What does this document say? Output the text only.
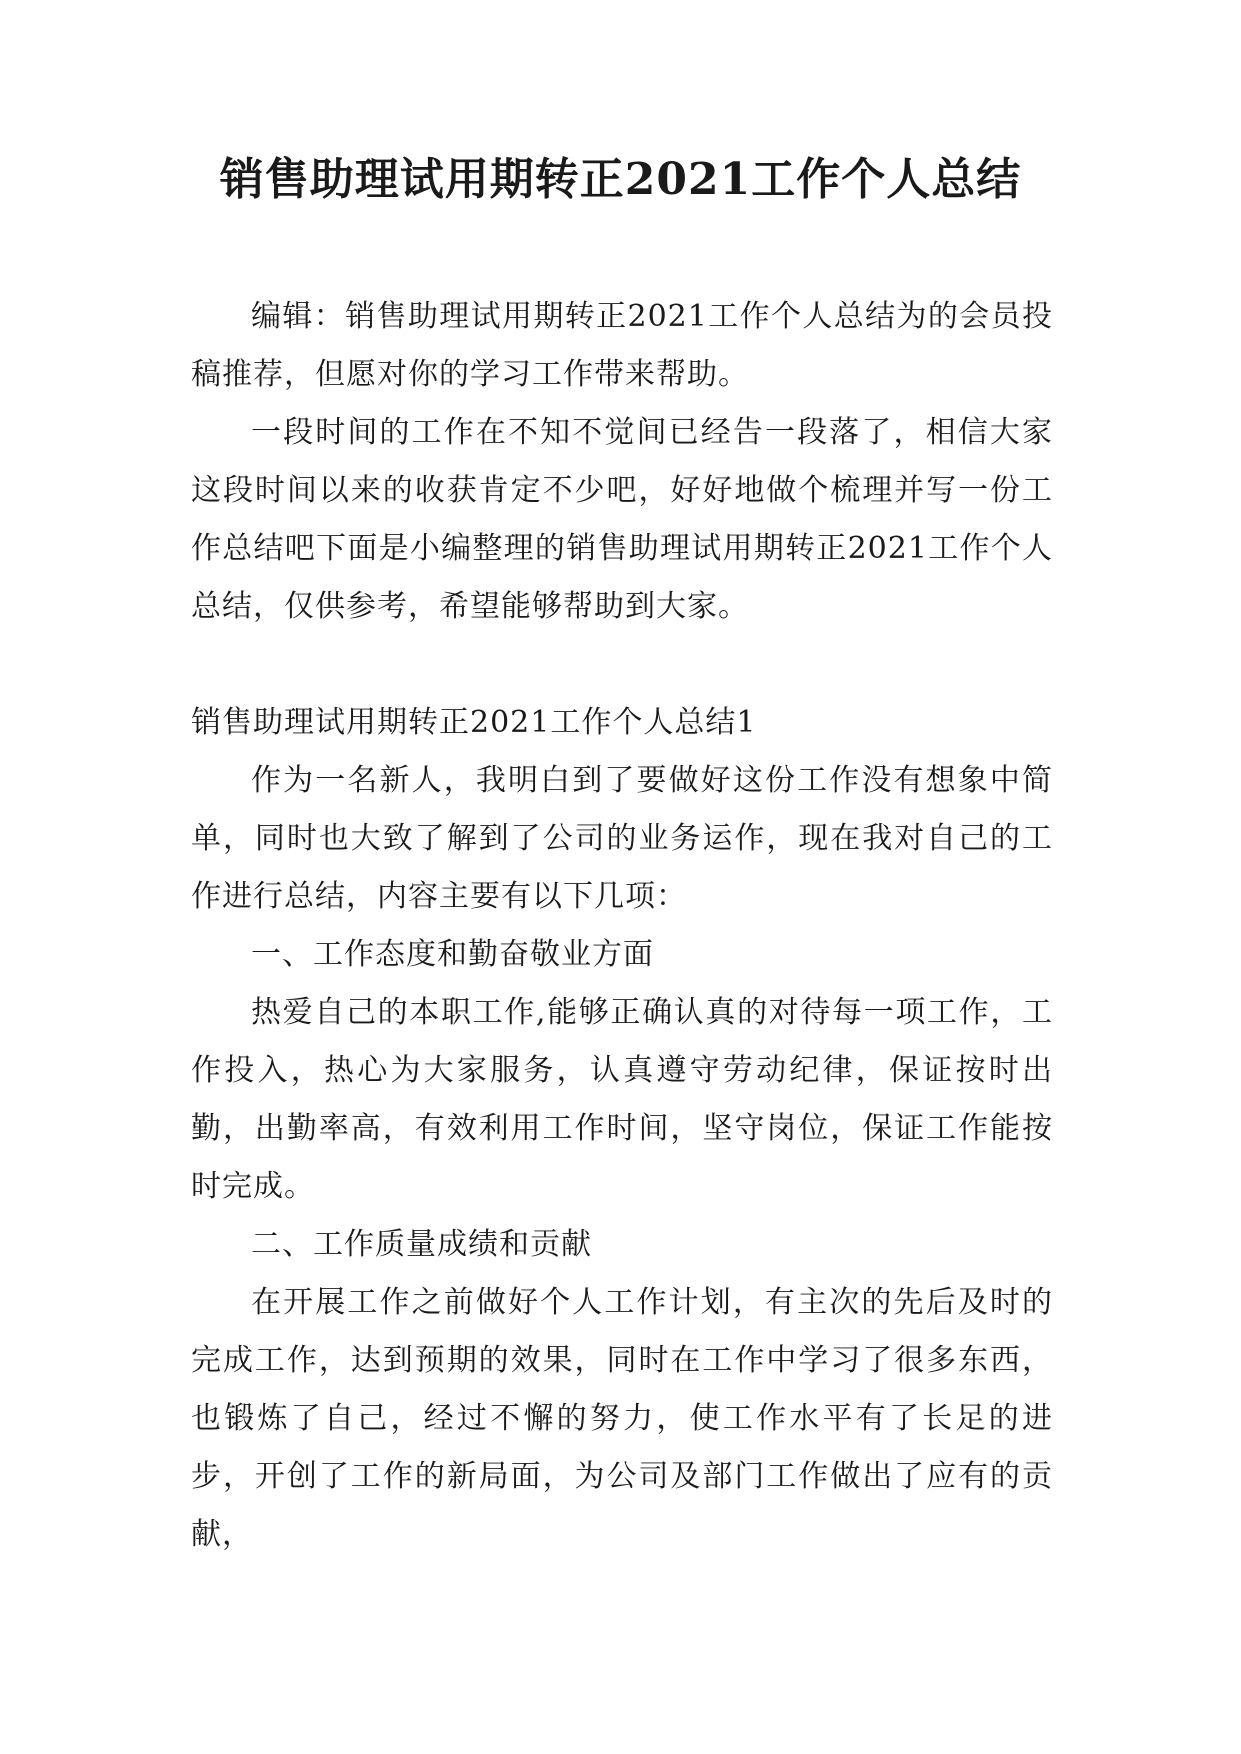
销售助理试用期转正2021工作个人总结

编辑：销售助理试用期转正2021工作个人总结为的会员投稿推荐，但愿对你的学习工作带来帮助。

一段时间的工作在不知不觉间已经告一段落了，相信大家这段时间以来的收获肯定不少吧，好好地做个梳理并写一份工作总结吧下面是小编整理的销售助理试用期转正2021工作个人总结，仅供参考，希望能够帮助到大家。

销售助理试用期转正2021工作个人总结1

作为一名新人，我明白到了要做好这份工作没有想象中简单，同时也大致了解到了公司的业务运作，现在我对自己的工作进行总结，内容主要有以下几项：

一、工作态度和勤奋敬业方面

热爱自己的本职工作,能够正确认真的对待每一项工作，工作投入，热心为大家服务，认真遵守劳动纪律，保证按时出勤，出勤率高，有效利用工作时间，坚守岗位，保证工作能按时完成。

二、工作质量成绩和贡献

在开展工作之前做好个人工作计划，有主次的先后及时的完成工作，达到预期的效果，同时在工作中学习了很多东西，也锻炼了自己，经过不懈的努力，使工作水平有了长足的进步，开创了工作的新局面，为公司及部门工作做出了应有的贡献，
